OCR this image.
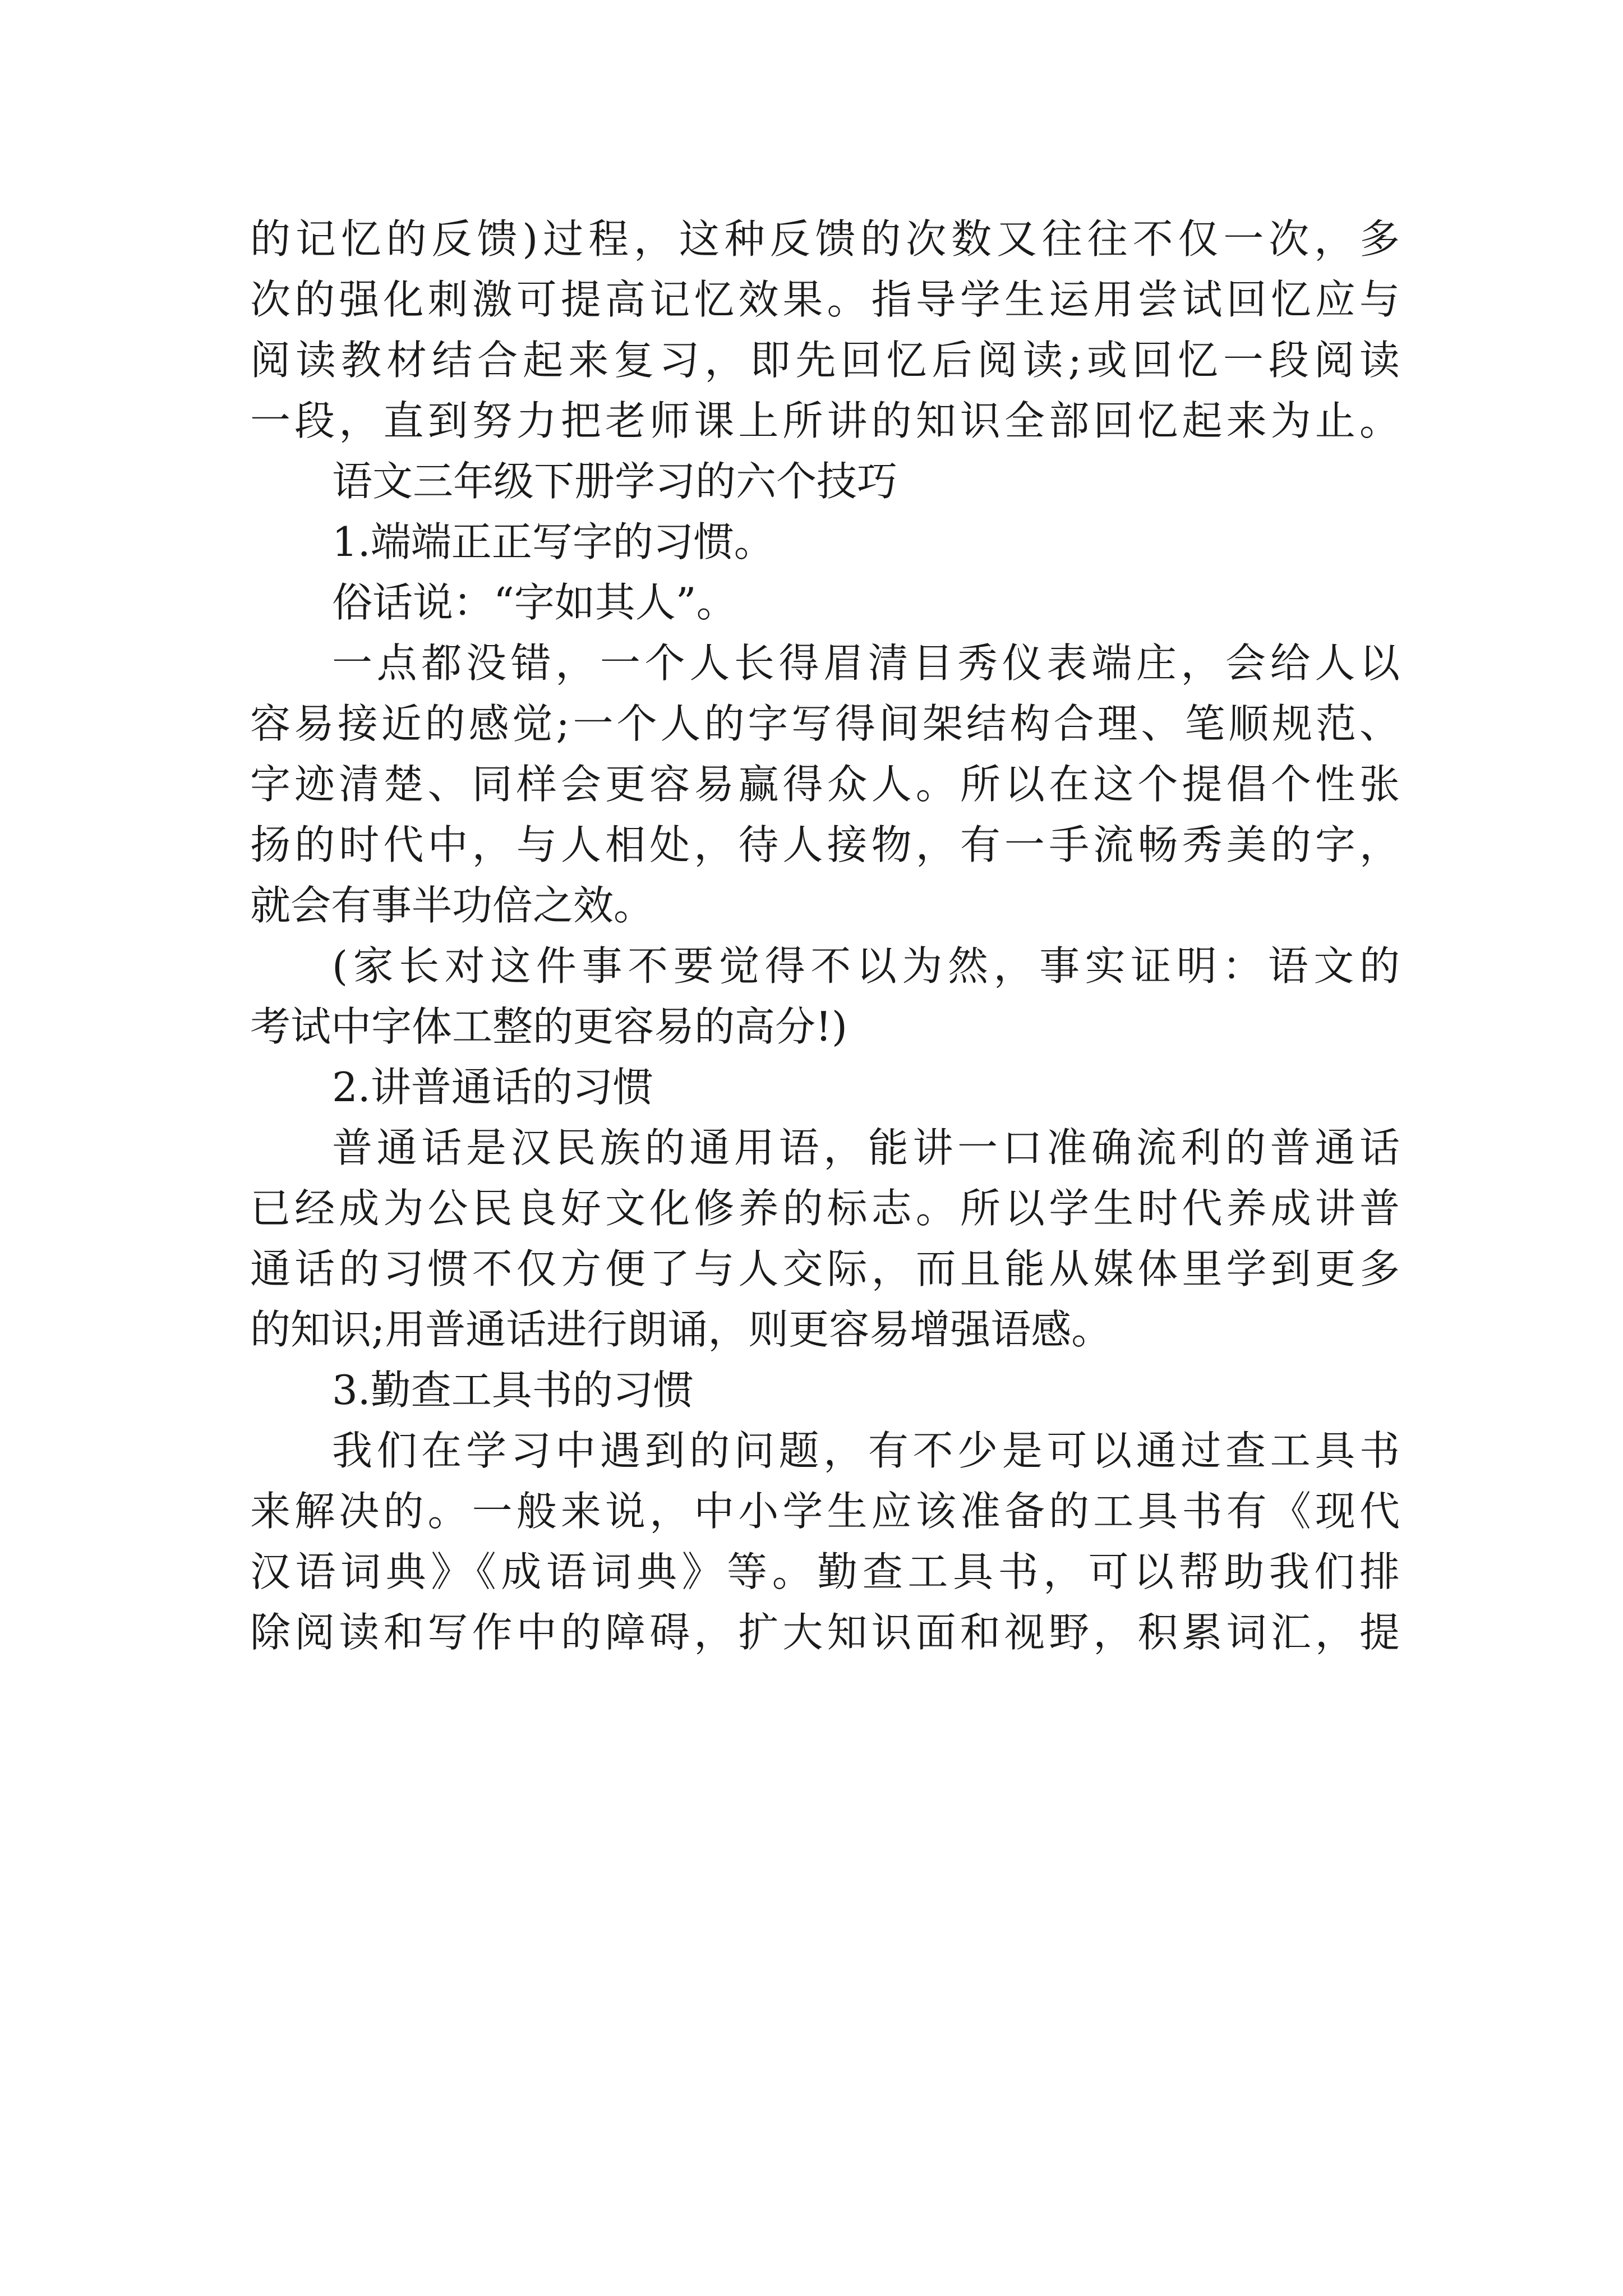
的记忆的反馈)过程，这种反馈的次数又往往不仅一次，多
次的强化刺激可提高记忆效果。指导学生运用尝试回忆应与
阅读教材结合起来复习，即先回忆后阅读;或回忆一段阅读
一段，直到努力把老师课上所讲的知识全部回忆起来为止。
语文三年级下册学习的六个技巧
1.端端正正写字的习惯。
俗话说：“字如其人”。
一点都没错，一个人长得眉清目秀仪表端庄，会给人以
容易接近的感觉;一个人的字写得间架结构合理、笔顺规范、
字迹清楚、同样会更容易赢得众人。所以在这个提倡个性张
扬的时代中，与人相处，待人接物，有一手流畅秀美的字，
就会有事半功倍之效。
(家长对这件事不要觉得不以为然，事实证明：语文的
考试中字体工整的更容易的高分!)
2.讲普通话的习惯
普通话是汉民族的通用语，能讲一口准确流利的普通话
已经成为公民良好文化修养的标志。所以学生时代养成讲普
通话的习惯不仅方便了与人交际，而且能从媒体里学到更多
的知识;用普通话进行朗诵，则更容易增强语感。
3.勤查工具书的习惯
我们在学习中遇到的问题，有不少是可以通过查工具书
来解决的。一般来说，中小学生应该准备的工具书有《现代
汉语词典》《成语词典》等。勤查工具书，可以帮助我们排
除阅读和写作中的障碍，扩大知识面和视野，积累词汇，提
